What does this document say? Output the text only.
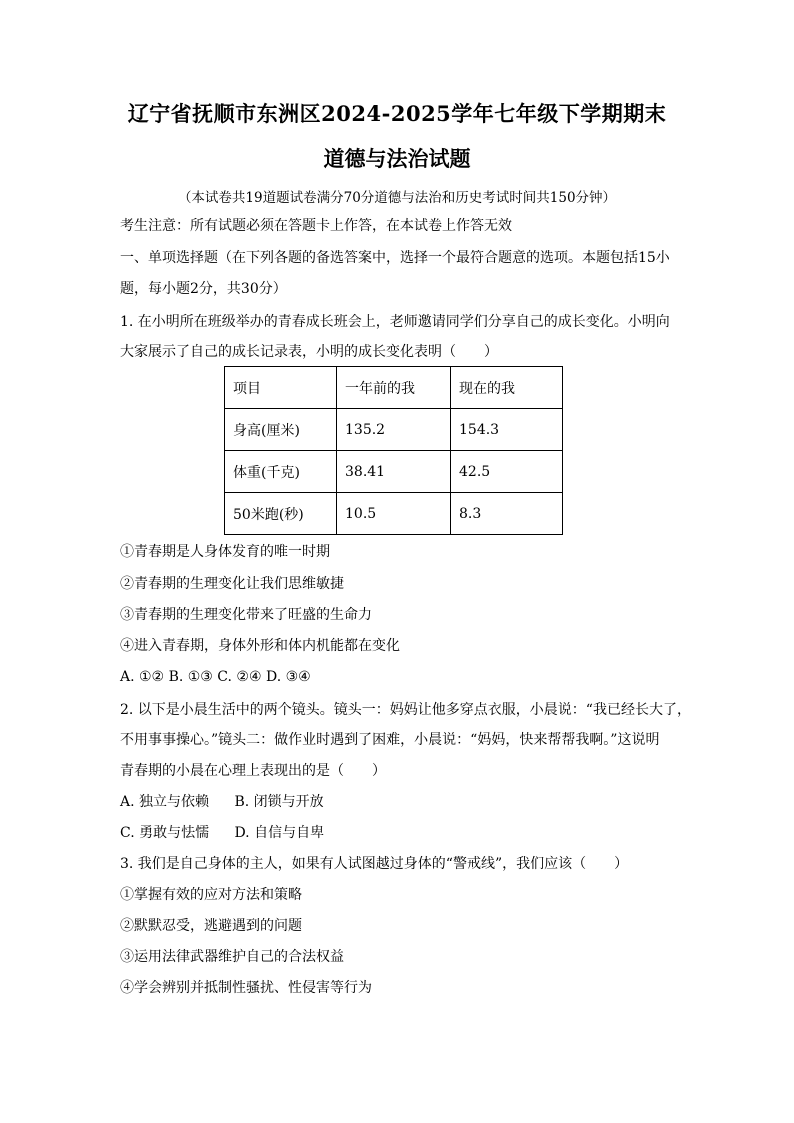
辽宁省抚顺市东洲区2024-2025学年七年级下学期期末
道德与法治试题
（本试卷共19道题试卷满分70分道德与法治和历史考试时间共150分钟）
考生注意：所有试题必须在答题卡上作答，在本试卷上作答无效
一、单项选择题（在下列各题的备选答案中，选择一个最符合题意的选项。本题包括15小
题，每小题2分，共30分）
1. 在小明所在班级举办的青春成长班会上，老师邀请同学们分享自己的成长变化。小明向
大家展示了自己的成长记录表，小明的成长变化表明（　　）
项目	一年前的我	现在的我
身高(厘米)	135.2	154.3
体重(千克)	38.41	42.5
50米跑(秒)	10.5	8.3
①青春期是人身体发育的唯一时期
②青春期的生理变化让我们思维敏捷
③青春期的生理变化带来了旺盛的生命力
④进入青春期，身体外形和体内机能都在变化
A. ①② B. ①③ C. ②④ D. ③④
2. 以下是小晨生活中的两个镜头。镜头一：妈妈让他多穿点衣服，小晨说：“我已经长大了，
不用事事操心。”镜头二：做作业时遇到了困难，小晨说：“妈妈，快来帮帮我啊。”这说明
青春期的小晨在心理上表现出的是（　　）
A. 独立与依赖 B. 闭锁与开放
C. 勇敢与怯懦 D. 自信与自卑
3. 我们是自己身体的主人，如果有人试图越过身体的“警戒线”，我们应该（　　）
①掌握有效的应对方法和策略
②默默忍受，逃避遇到的问题
③运用法律武器维护自己的合法权益
④学会辨别并抵制性骚扰、性侵害等行为
